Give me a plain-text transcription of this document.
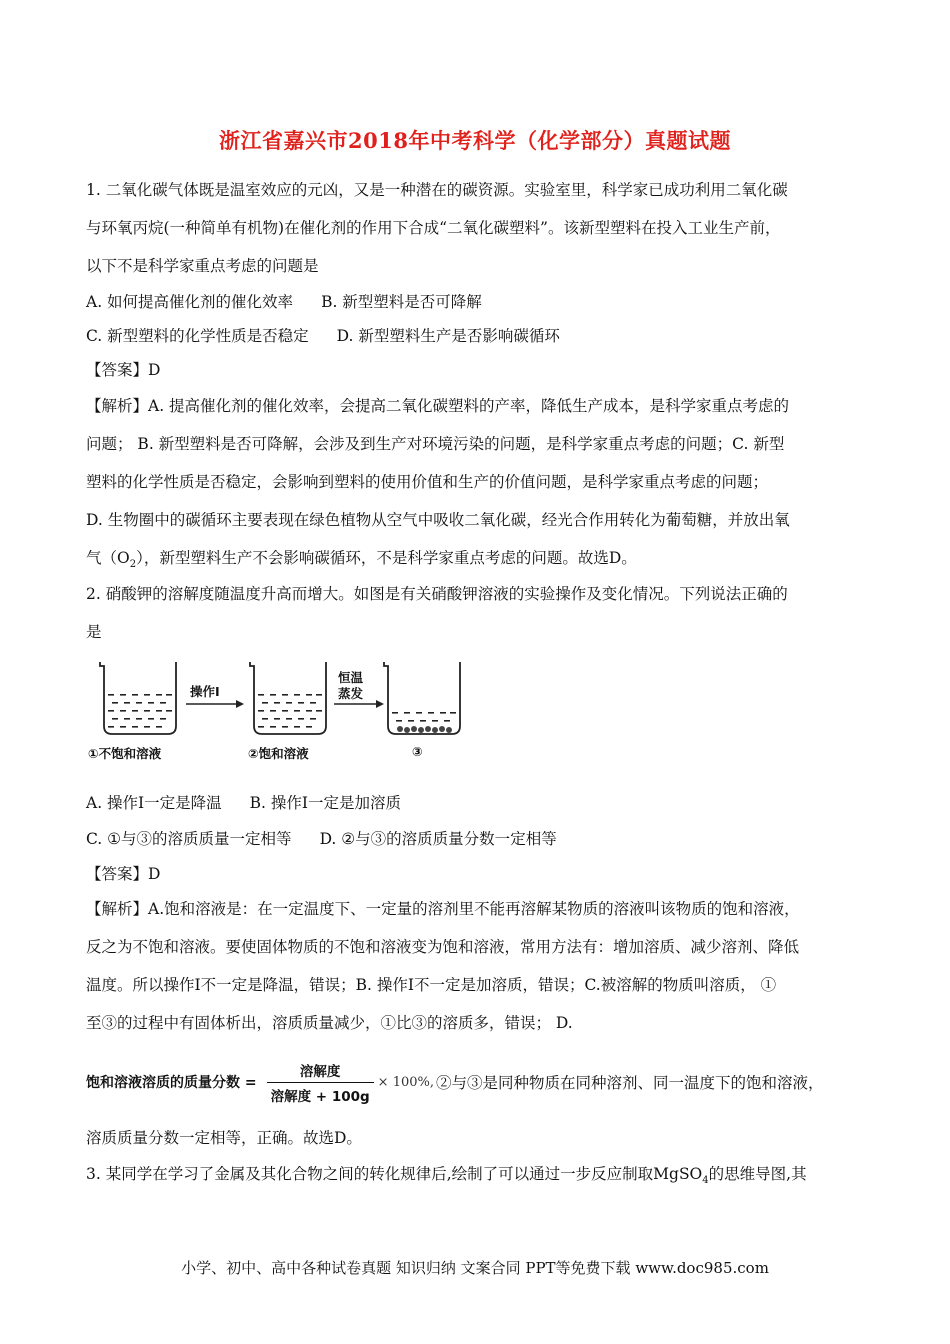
浙江省嘉兴市2018年中考科学（化学部分）真题试题
1. 二氧化碳气体既是温室效应的元凶，又是一种潜在的碳资源。实验室里，科学家已成功利用二氧化碳
与环氧丙烷(一种简单有机物)在催化剂的作用下合成“二氧化碳塑料”。该新型塑料在投入工业生产前，
以下不是科学家重点考虑的问题是
A. 如何提高催化剂的催化效率 B. 新型塑料是否可降解
C. 新型塑料的化学性质是否稳定 D. 新型塑料生产是否影响碳循环
【答案】D
【解析】A. 提高催化剂的催化效率，会提高二氧化碳塑料的产率，降低生产成本，是科学家重点考虑的
问题； B. 新型塑料是否可降解，会涉及到生产对环境污染的问题，是科学家重点考虑的问题；C. 新型
塑料的化学性质是否稳定，会影响到塑料的使用价值和生产的价值问题，是科学家重点考虑的问题；
D. 生物圈中的碳循环主要表现在绿色植物从空气中吸收二氧化碳，经光合作用转化为葡萄糖，并放出氧
气$(O_2)$，新型塑料生产不会影响碳循环，不是科学家重点考虑的问题。故选D。
2. 硝酸钾的溶解度随温度升高而增大。如图是有关硝酸钾溶液的实验操作及变化情况。下列说法正确的
是
①不饱和溶液	②饱和溶液	③
操作Ⅰ
恒温
蒸发
A. 操作Ⅰ一定是降温 B. 操作Ⅰ一定是加溶质
C. ①与③的溶质质量一定相等 D. ②与③的溶质质量分数一定相等
【答案】D
【解析】A.饱和溶液是：在一定温度下、一定量的溶剂里不能再溶解某物质的溶液叫该物质的饱和溶液，
反之为不饱和溶液。要使固体物质的不饱和溶液变为饱和溶液，常用方法有：增加溶质、减少溶剂、降低
温度。所以操作Ⅰ不一定是降温，错误；B. 操作Ⅰ不一定是加溶质，错误；C.被溶解的物质叫溶质， ①
至③的过程中有固体析出，溶质质量减少，①比③的溶质多，错误； D.
饱和溶液溶质的质量分数 = $\frac{\text{溶解度}}{\text{溶解度 + 100g}} \times 100\%$, ②与③是同种物质在同种溶剂、同一温度下的饱和溶液，
溶质质量分数一定相等，正确。故选D。
3. 某同学在学习了金属及其化合物之间的转化规律后,绘制了可以通过一步反应制取MgSO$_4$的思维导图,其
小学、初中、高中各种试卷真题 知识归纳 文案合同 PPT等免费下载 www.doc985.com
